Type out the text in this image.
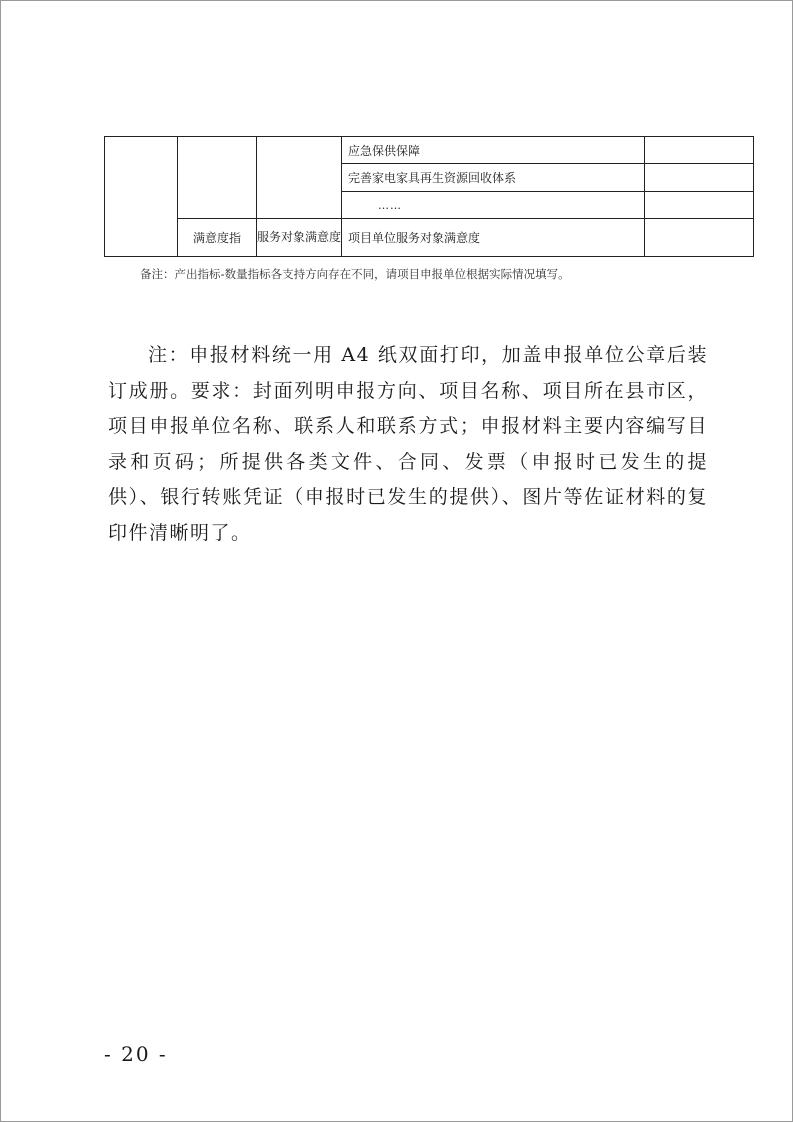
			应急保供保障	
			完善家电家具再生资源回收体系	
			……	
	满意度指	服务对象满意度	项目单位服务对象满意度	
备注：产出指标-数量指标各支持方向存在不同，请项目申报单位根据实际情况填写。

注：申报材料统一用 A4 纸双面打印，加盖申报单位公章后装订成册。要求：封面列明申报方向、项目名称、项目所在县市区，项目申报单位名称、联系人和联系方式；申报材料主要内容编写目录和页码；所提供各类文件、合同、发票（申报时已发生的提供）、银行转账凭证（申报时已发生的提供）、图片等佐证材料的复印件清晰明了。

- 20 -
